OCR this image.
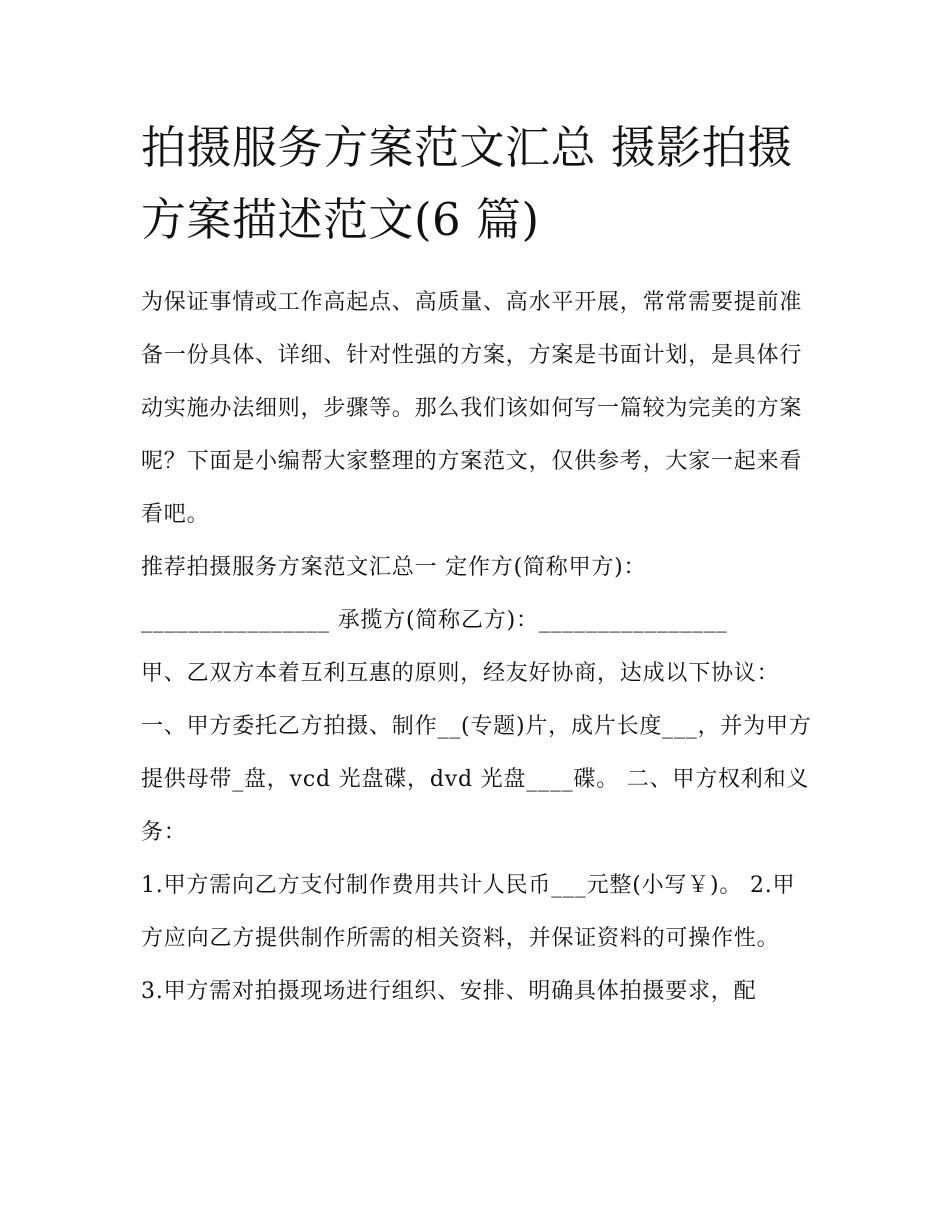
拍摄服务方案范文汇总 摄影拍摄方案描述范文(6 篇)

为保证事情或工作高起点、高质量、高水平开展，常常需要提前准备一份具体、详细、针对性强的方案，方案是书面计划，是具体行动实施办法细则，步骤等。那么我们该如何写一篇较为完美的方案呢？下面是小编帮大家整理的方案范文，仅供参考，大家一起来看看吧。

推荐拍摄服务方案范文汇总一 定作方(简称甲方)：

________________ 承揽方(简称乙方)：________________

甲、乙双方本着互利互惠的原则，经友好协商，达成以下协议：

一、甲方委托乙方拍摄、制作__(专题)片，成片长度___，并为甲方提供母带_盘，vcd 光盘碟，dvd 光盘____碟。 二、甲方权利和义务：

1.甲方需向乙方支付制作费用共计人民币___元整(小写￥)。 2.甲方应向乙方提供制作所需的相关资料，并保证资料的可操作性。

3.甲方需对拍摄现场进行组织、安排、明确具体拍摄要求，配
